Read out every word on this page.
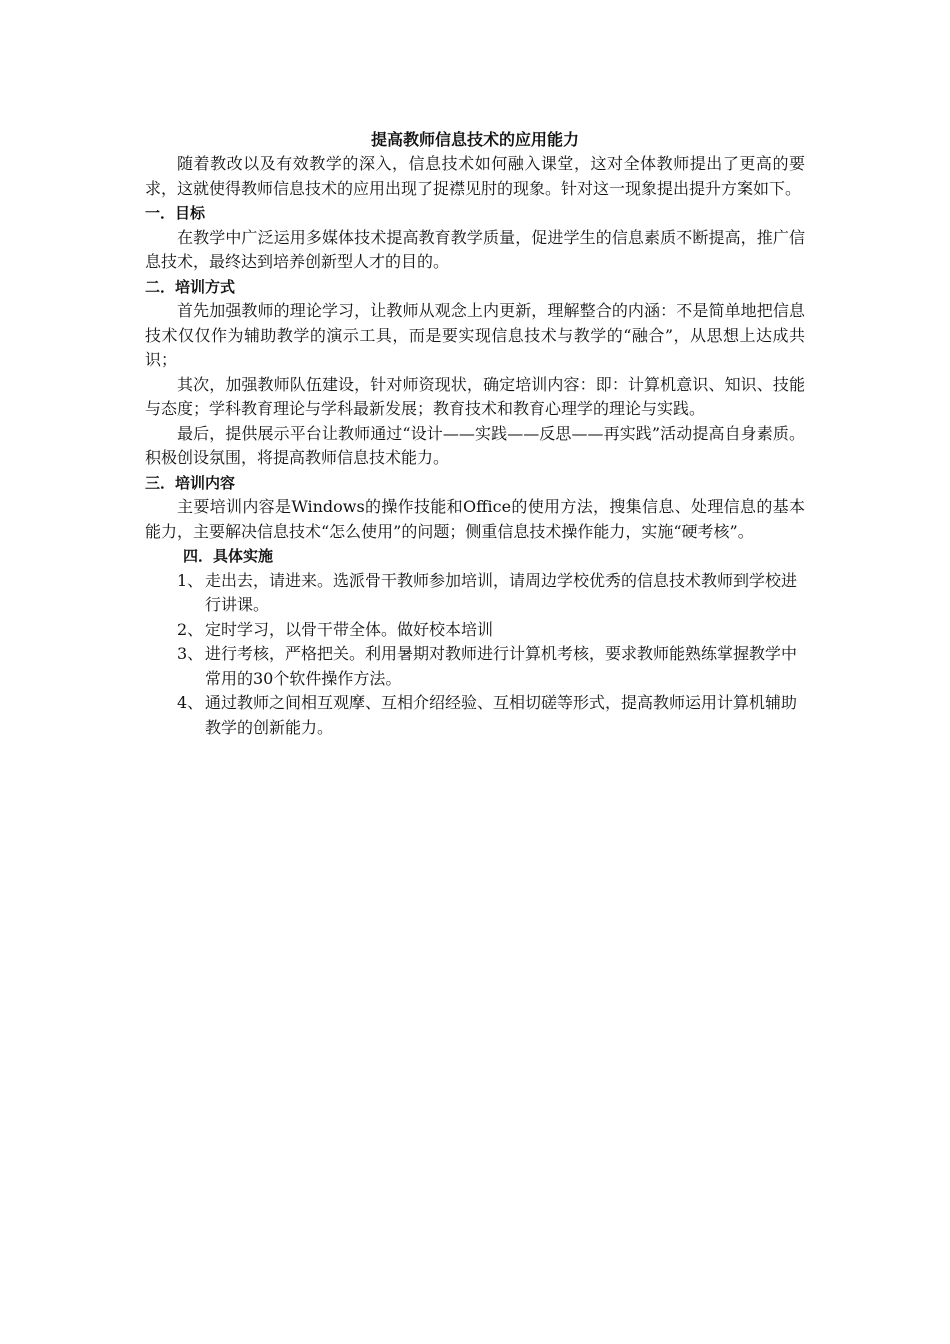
提高教师信息技术的应用能力

随着教改以及有效教学的深入，信息技术如何融入课堂，这对全体教师提出了更高的要求，这就使得教师信息技术的应用出现了捉襟见肘的现象。针对这一现象提出提升方案如下。

一．目标

在教学中广泛运用多媒体技术提高教育教学质量，促进学生的信息素质不断提高，推广信息技术，最终达到培养创新型人才的目的。

二．培训方式

首先加强教师的理论学习，让教师从观念上内更新，理解整合的内涵：不是简单地把信息技术仅仅作为辅助教学的演示工具，而是要实现信息技术与教学的“融合”，从思想上达成共识；

其次，加强教师队伍建设，针对师资现状，确定培训内容：即：计算机意识、知识、技能与态度；学科教育理论与学科最新发展；教育技术和教育心理学的理论与实践。

最后，提供展示平台让教师通过“设计——实践——反思——再实践”活动提高自身素质。积极创设氛围，将提高教师信息技术能力。

三．培训内容

主要培训内容是Windows的操作技能和Office的使用方法，搜集信息、处理信息的基本能力，主要解决信息技术“怎么使用”的问题；侧重信息技术操作能力，实施“硬考核”。

四．具体实施
1、 走出去，请进来。选派骨干教师参加培训，请周边学校优秀的信息技术教师到学校进行讲课。
2、 定时学习，以骨干带全体。做好校本培训
3、 进行考核，严格把关。利用暑期对教师进行计算机考核，要求教师能熟练掌握教学中常用的30个软件操作方法。
4、 通过教师之间相互观摩、互相介绍经验、互相切磋等形式，提高教师运用计算机辅助教学的创新能力。
